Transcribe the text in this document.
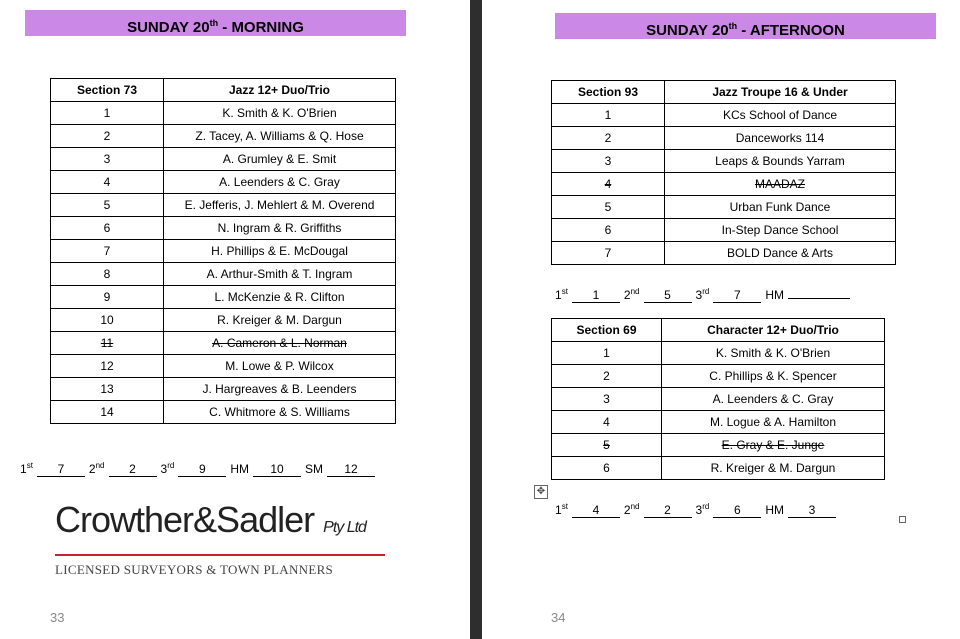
SUNDAY 20th - MORNING
Section 73	Jazz 12+ Duo/Trio
1	K. Smith & K. O'Brien
2	Z. Tacey, A. Williams & Q. Hose
3	A. Grumley & E. Smit
4	A. Leenders & C. Gray
5	E. Jefferis, J. Mehlert & M. Overend
6	N. Ingram & R. Griffiths
7	H. Phillips & E. McDougal
8	A. Arthur-Smith & T. Ingram
9	L. McKenzie & R. Clifton
10	R. Kreiger & M. Dargun
11	A. Cameron & L. Norman
12	M. Lowe & P. Wilcox
13	J. Hargreaves & B. Leenders
14	C. Whitmore & S. Williams
1st 7 2nd 2 3rd 9 HM 10 SM 12
Crowther&Sadler Pty Ltd
LICENSED SURVEYORS & TOWN PLANNERS
33
SUNDAY 20th - AFTERNOON
Section 93	Jazz Troupe 16 & Under
1	KCs School of Dance
2	Danceworks 114
3	Leaps & Bounds Yarram
4	MAADAZ
5	Urban Funk Dance
6	In-Step Dance School
7	BOLD Dance & Arts
1st 1 2nd 5 3rd 7 HM
Section 69	Character 12+ Duo/Trio
1	K. Smith & K. O'Brien
2	C. Phillips & K. Spencer
3	A. Leenders & C. Gray
4	M. Logue & A. Hamilton
5	E. Gray & E. Junge
6	R. Kreiger & M. Dargun
1st 4 2nd 2 3rd 6 HM 3
34
✥
